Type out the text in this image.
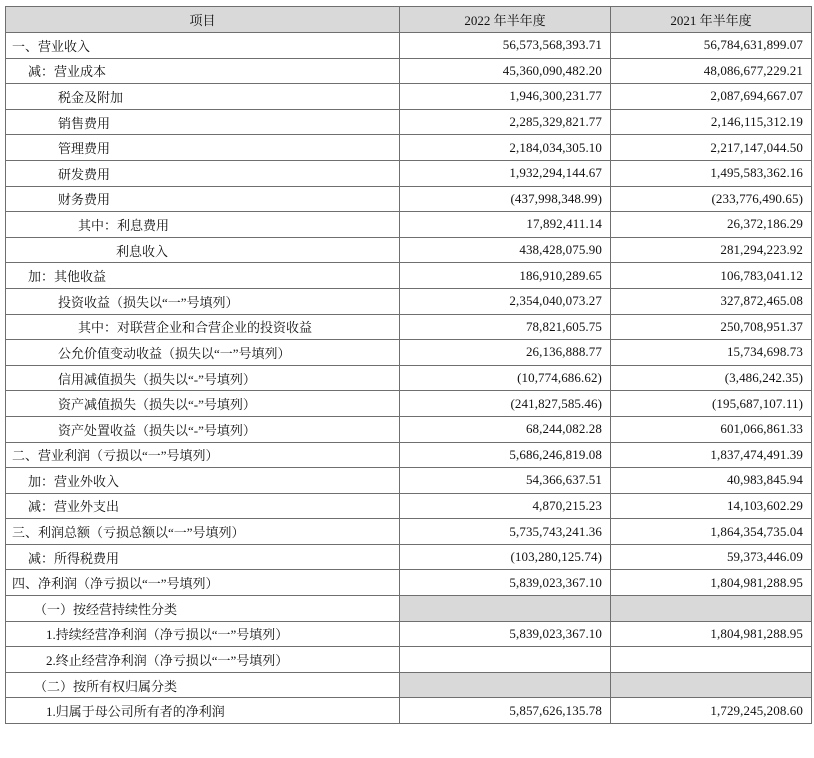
项目	2022 年半年度	2021 年半年度
一、营业收入	56,573,568,393.71	56,784,631,899.07
减：营业成本	45,360,090,482.20	48,086,677,229.21
税金及附加	1,946,300,231.77	2,087,694,667.07
销售费用	2,285,329,821.77	2,146,115,312.19
管理费用	2,184,034,305.10	2,217,147,044.50
研发费用	1,932,294,144.67	1,495,583,362.16
财务费用	(437,998,348.99)	(233,776,490.65)
其中：利息费用	17,892,411.14	26,372,186.29
利息收入	438,428,075.90	281,294,223.92
加：其他收益	186,910,289.65	106,783,041.12
投资收益（损失以“一”号填列）	2,354,040,073.27	327,872,465.08
其中：对联营企业和合营企业的投资收益	78,821,605.75	250,708,951.37
公允价值变动收益（损失以“一”号填列）	26,136,888.77	15,734,698.73
信用减值损失（损失以“-”号填列）	(10,774,686.62)	(3,486,242.35)
资产减值损失（损失以“-”号填列）	(241,827,585.46)	(195,687,107.11)
资产处置收益（损失以“-”号填列）	68,244,082.28	601,066,861.33
二、营业利润（亏损以“一”号填列）	5,686,246,819.08	1,837,474,491.39
加：营业外收入	54,366,637.51	40,983,845.94
减：营业外支出	4,870,215.23	14,103,602.29
三、利润总额（亏损总额以“一”号填列）	5,735,743,241.36	1,864,354,735.04
减：所得税费用	(103,280,125.74)	59,373,446.09
四、净利润（净亏损以“一”号填列）	5,839,023,367.10	1,804,981,288.95
（一）按经营持续性分类		
1.持续经营净利润（净亏损以“一”号填列）	5,839,023,367.10	1,804,981,288.95
2.终止经营净利润（净亏损以“一”号填列）		
（二）按所有权归属分类		
1.归属于母公司所有者的净利润	5,857,626,135.78	1,729,245,208.60
